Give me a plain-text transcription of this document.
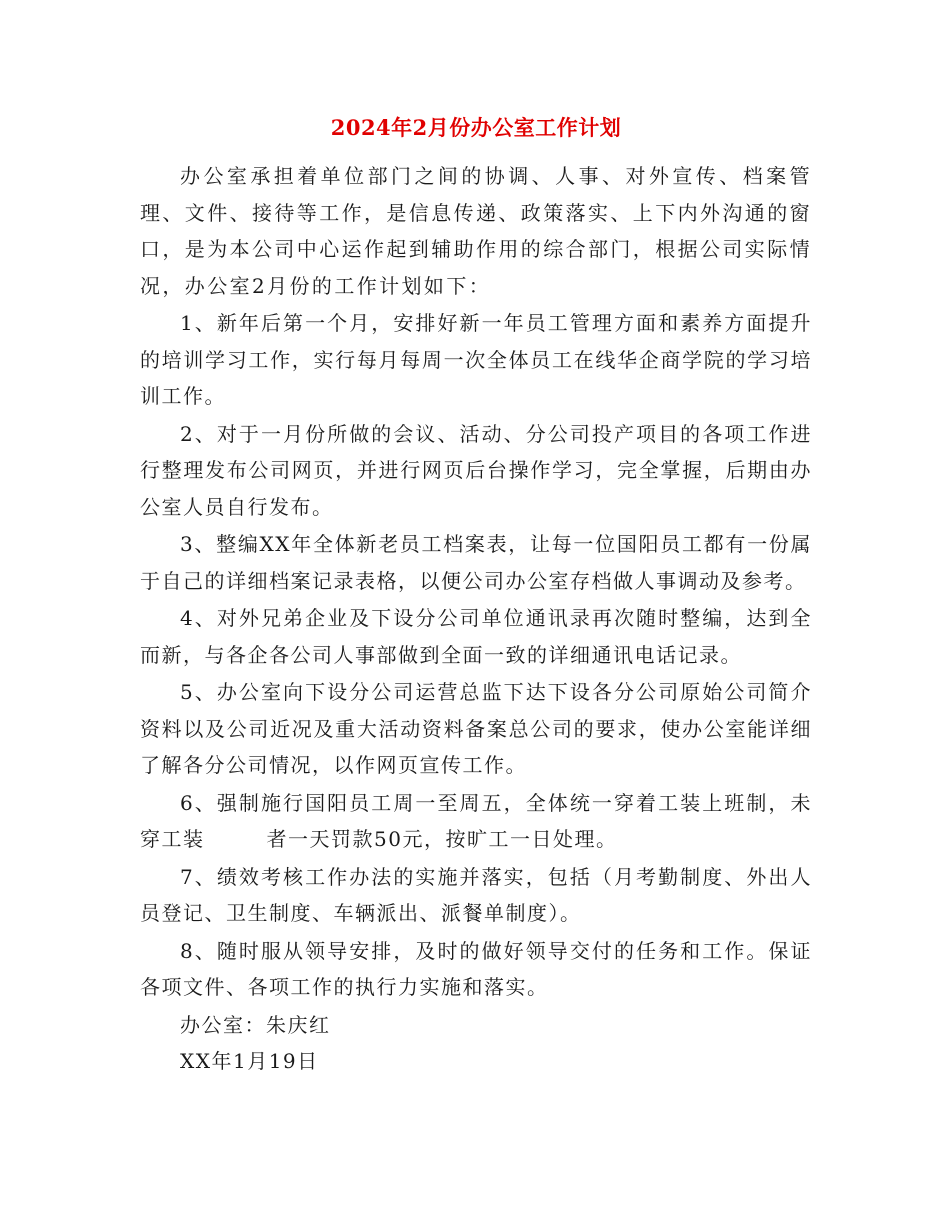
2024年2月份办公室工作计划

办公室承担着单位部门之间的协调、人事、对外宣传、档案管理、文件、接待等工作，是信息传递、政策落实、上下内外沟通的窗口，是为本公司中心运作起到辅助作用的综合部门，根据公司实际情况，办公室2月份的工作计划如下：

1、新年后第一个月，安排好新一年员工管理方面和素养方面提升的培训学习工作，实行每月每周一次全体员工在线华企商学院的学习培训工作。

2、对于一月份所做的会议、活动、分公司投产项目的各项工作进行整理发布公司网页，并进行网页后台操作学习，完全掌握，后期由办公室人员自行发布。

3、整编XX年全体新老员工档案表，让每一位国阳员工都有一份属于自己的详细档案记录表格，以便公司办公室存档做人事调动及参考。

4、对外兄弟企业及下设分公司单位通讯录再次随时整编，达到全而新，与各企各公司人事部做到全面一致的详细通讯电话记录。

5、办公室向下设分公司运营总监下达下设各分公司原始公司简介资料以及公司近况及重大活动资料备案总公司的要求，使办公室能详细了解各分公司情况，以作网页宣传工作。

6、强制施行国阳员工周一至周五，全体统一穿着工装上班制，未穿工装	者一天罚款50元，按旷工一日处理。

7、绩效考核工作办法的实施并落实，包括（月考勤制度、外出人员登记、卫生制度、车辆派出、派餐单制度）。

8、随时服从领导安排，及时的做好领导交付的任务和工作。保证各项文件、各项工作的执行力实施和落实。

办公室：朱庆红

XX年1月19日
